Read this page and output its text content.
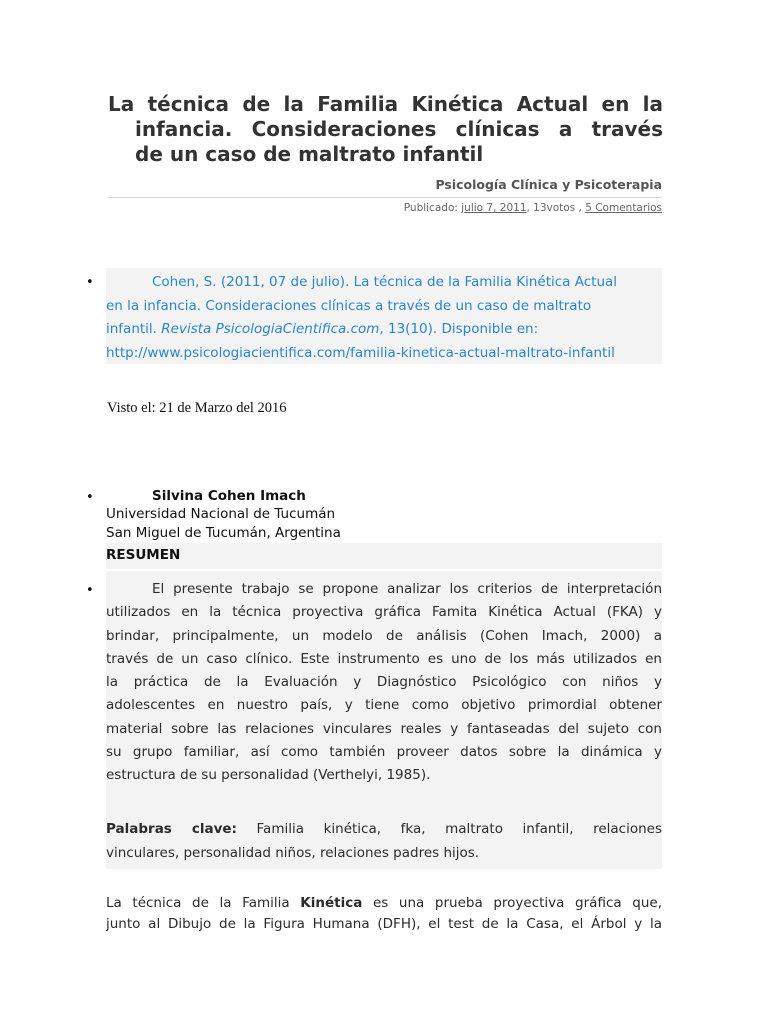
La técnica de la Familia Kinética Actual en la
infancia. Consideraciones clínicas a través
de un caso de maltrato infantil
Psicología Clínica y Psicoterapia
Publicado: julio 7, 2011, 13votos , 5 Comentarios
•	Cohen, S. (2011, 07 de julio). La técnica de la Familia Kinética Actual
en la infancia. Consideraciones clínicas a través de un caso de maltrato
infantil. Revista PsicologiaCientifica.com, 13(10). Disponible en:
http://www.psicologiacientifica.com/familia-kinetica-actual-maltrato-infantil

Visto el: 21 de Marzo del 2016
•	Silvina Cohen Imach
Universidad Nacional de Tucumán
San Miguel de Tucumán, Argentina
RESUMEN
•	El presente trabajo se propone analizar los criterios de interpretación
utilizados en la técnica proyectiva gráfica Famita Kinética Actual (FKA) y
brindar, principalmente, un modelo de análisis (Cohen Imach, 2000) a
través de un caso clínico. Este instrumento es uno de los más utilizados en
la práctica de la Evaluación y Diagnóstico Psicológico con niños y
adolescentes en nuestro país, y tiene como objetivo primordial obtener
material sobre las relaciones vinculares reales y fantaseadas del sujeto con
su grupo familiar, así como también proveer datos sobre la dinámica y
estructura de su personalidad (Verthelyi, 1985).

Palabras clave: Familia kinética, fka, maltrato infantil, relaciones
vinculares, personalidad niños, relaciones padres hijos.

La técnica de la Familia Kinética es una prueba proyectiva gráfica que,
junto al Dibujo de la Figura Humana (DFH), el test de la Casa, el Árbol y la
